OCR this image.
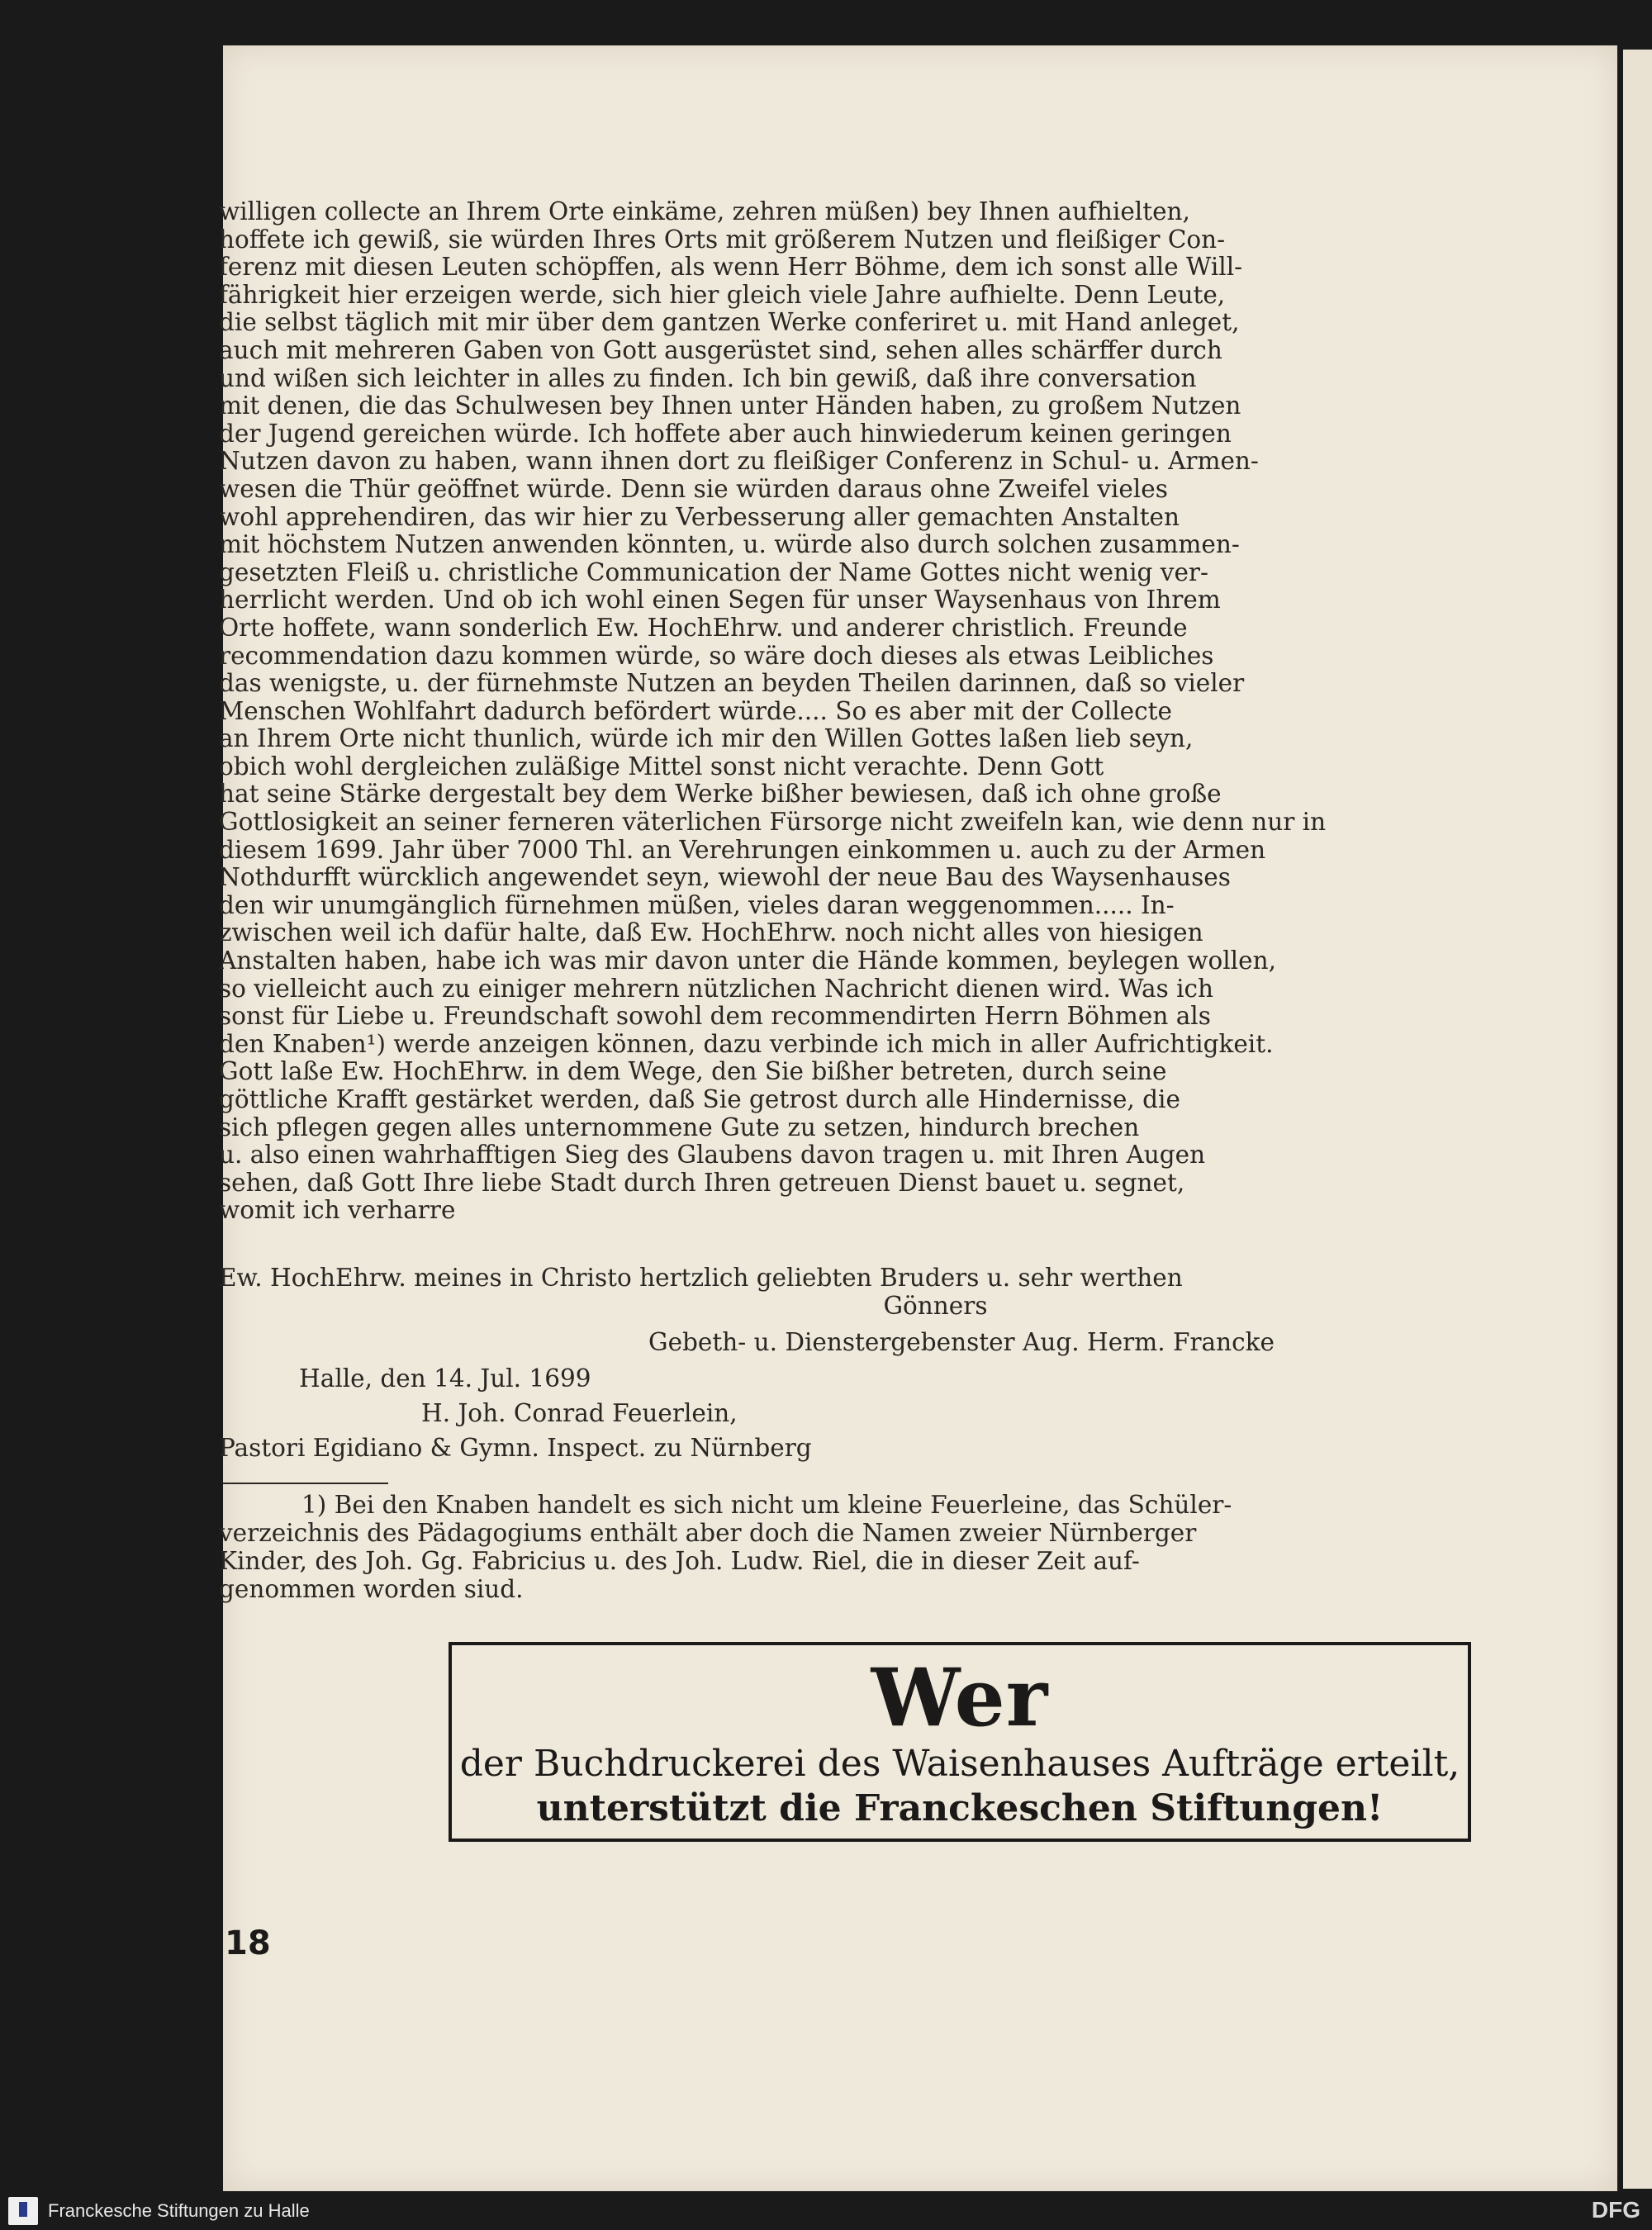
willigen collecte an Ihrem Orte einkäme, zehren müßen) bey Ihnen aufhielten,
hoffete ich gewiß, sie würden Ihres Orts mit größerem Nutzen und fleißiger Con-
ferenz mit diesen Leuten schöpffen, als wenn Herr Böhme, dem ich sonst alle Will-
fährigkeit hier erzeigen werde, sich hier gleich viele Jahre aufhielte. Denn Leute,
die selbst täglich mit mir über dem gantzen Werke conferiret u. mit Hand anleget,
auch mit mehreren Gaben von Gott ausgerüstet sind, sehen alles schärffer durch
und wißen sich leichter in alles zu finden. Ich bin gewiß, daß ihre conversation
mit denen, die das Schulwesen bey Ihnen unter Händen haben, zu großem Nutzen
der Jugend gereichen würde. Ich hoffete aber auch hinwiederum keinen geringen
Nutzen davon zu haben, wann ihnen dort zu fleißiger Conferenz in Schul- u. Armen-
wesen die Thür geöffnet würde. Denn sie würden daraus ohne Zweifel vieles
wohl apprehendiren, das wir hier zu Verbesserung aller gemachten Anstalten
mit höchstem Nutzen anwenden könnten, u. würde also durch solchen zusammen-
gesetzten Fleiß u. christliche Communication der Name Gottes nicht wenig ver-
herrlicht werden. Und ob ich wohl einen Segen für unser Waysenhaus von Ihrem
Orte hoffete, wann sonderlich Ew. HochEhrw. und anderer christlich. Freunde
recommendation dazu kommen würde, so wäre doch dieses als etwas Leibliches
das wenigste, u. der fürnehmste Nutzen an beyden Theilen darinnen, daß so vieler
Menschen Wohlfahrt dadurch befördert würde.... So es aber mit der Collecte
an Ihrem Orte nicht thunlich, würde ich mir den Willen Gottes laßen lieb seyn,
obich wohl dergleichen zuläßige Mittel sonst nicht verachte. Denn Gott
hat seine Stärke dergestalt bey dem Werke bißher bewiesen, daß ich ohne große
Gottlosigkeit an seiner ferneren väterlichen Fürsorge nicht zweifeln kan, wie denn nur in
diesem 1699. Jahr über 7000 Thl. an Verehrungen einkommen u. auch zu der Armen
Nothdurfft würcklich angewendet seyn, wiewohl der neue Bau des Waysenhauses
den wir unumgänglich fürnehmen müßen, vieles daran weggenommen..... In-
zwischen weil ich dafür halte, daß Ew. HochEhrw. noch nicht alles von hiesigen
Anstalten haben, habe ich was mir davon unter die Hände kommen, beylegen wollen,
so vielleicht auch zu einiger mehrern nützlichen Nachricht dienen wird. Was ich
sonst für Liebe u. Freundschaft sowohl dem recommendirten Herrn Böhmen als
den Knaben¹) werde anzeigen können, dazu verbinde ich mich in aller Aufrichtigkeit.
Gott laße Ew. HochEhrw. in dem Wege, den Sie bißher betreten, durch seine
göttliche Krafft gestärket werden, daß Sie getrost durch alle Hindernisse, die
sich pflegen gegen alles unternommene Gute zu setzen, hindurch brechen
u. also einen wahrhafftigen Sieg des Glaubens davon tragen u. mit Ihren Augen
sehen, daß Gott Ihre liebe Stadt durch Ihren getreuen Dienst bauet u. segnet,
womit ich verharre
Ew. HochEhrw. meines in Christo hertzlich geliebten Bruders u. sehr werthen
Gönners
Gebeth- u. Dienstergebenster Aug. Herm. Francke
Halle, den 14. Jul. 1699
H. Joh. Conrad Feuerlein,
Pastori Egidiano & Gymn. Inspect. zu Nürnberg
1) Bei den Knaben handelt es sich nicht um kleine Feuerleine, das Schüler-
verzeichnis des Pädagogiums enthält aber doch die Namen zweier Nürnberger
Kinder, des Joh. Gg. Fabricius u. des Joh. Ludw. Riel, die in dieser Zeit auf-
genommen worden siud.
Wer
der Buchdruckerei des Waisenhauses Aufträge erteilt,
unterstützt die Franckeschen Stiftungen!
18
Franckesche Stiftungen zu Halle	DFG
